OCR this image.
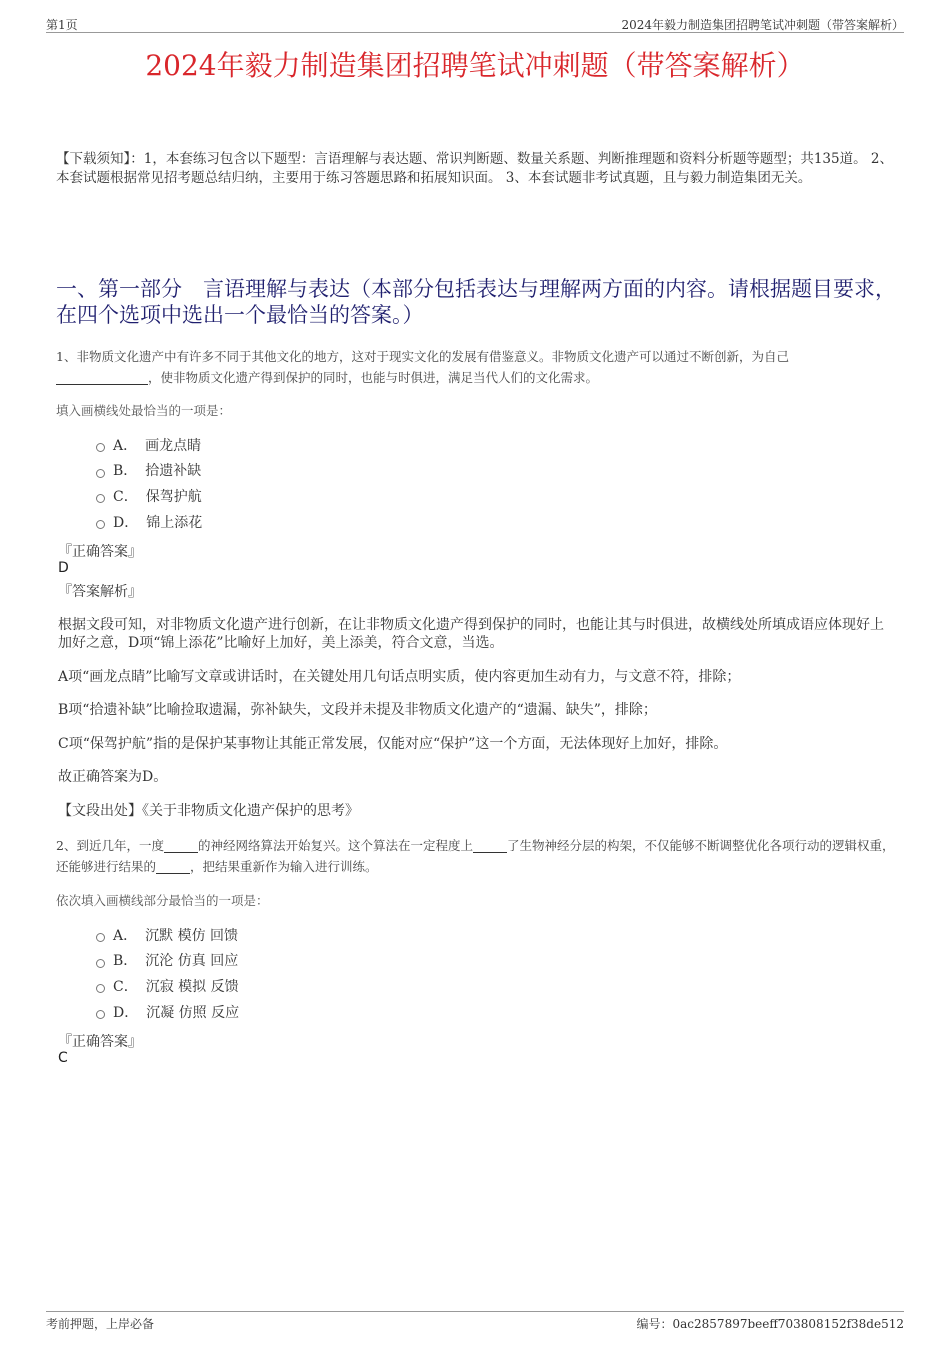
第1页	2024年毅力制造集团招聘笔试冲刺题（带答案解析）
2024年毅力制造集团招聘笔试冲刺题（带答案解析）
【下载须知】：1，本套练习包含以下题型：言语理解与表达题、常识判断题、数量关系题、判断推理题和资料分析题等题型；共135道。 2、本套试题根据常见招考题总结归纳，主要用于练习答题思路和拓展知识面。 3、本套试题非考试真题，且与毅力制造集团无关。
一、第一部分　言语理解与表达（本部分包括表达与理解两方面的内容。请根据题目要求，在四个选项中选出一个最恰当的答案。）
1、非物质文化遗产中有许多不同于其他文化的地方，这对于现实文化的发展有借鉴意义。非物质文化遗产可以通过不断创新，为自己
，使非物质文化遗产得到保护的同时，也能与时俱进，满足当代人们的文化需求。
填入画横线处最恰当的一项是：
A． 画龙点睛
B． 拾遗补缺
C． 保驾护航
D． 锦上添花
『正确答案』
D
『答案解析』
根据文段可知，对非物质文化遗产进行创新，在让非物质文化遗产得到保护的同时，也能让其与时俱进，故横线处所填成语应体现好上加好之意，D项“锦上添花”比喻好上加好，美上添美，符合文意，当选。
A项“画龙点睛”比喻写文章或讲话时，在关键处用几句话点明实质，使内容更加生动有力，与文意不符，排除；
B项“拾遗补缺”比喻捡取遗漏，弥补缺失，文段并未提及非物质文化遗产的“遗漏、缺失”，排除；
C项“保驾护航”指的是保护某事物让其能正常发展，仅能对应“保护”这一个方面，无法体现好上加好，排除。
故正确答案为D。
【文段出处】《关于非物质文化遗产保护的思考》
2、到近几年，一度	的神经网络算法开始复兴。这个算法在一定程度上	了生物神经分层的构架，不仅能够不断调整优化各项行动的逻辑权重，还能够进行结果的	，把结果重新作为输入进行训练。
依次填入画横线部分最恰当的一项是：
A． 沉默 模仿 回馈
B． 沉沦 仿真 回应
C． 沉寂 模拟 反馈
D． 沉凝 仿照 反应
『正确答案』
C
考前押题，上岸必备	编号：0ac2857897beeff703808152f38de512
